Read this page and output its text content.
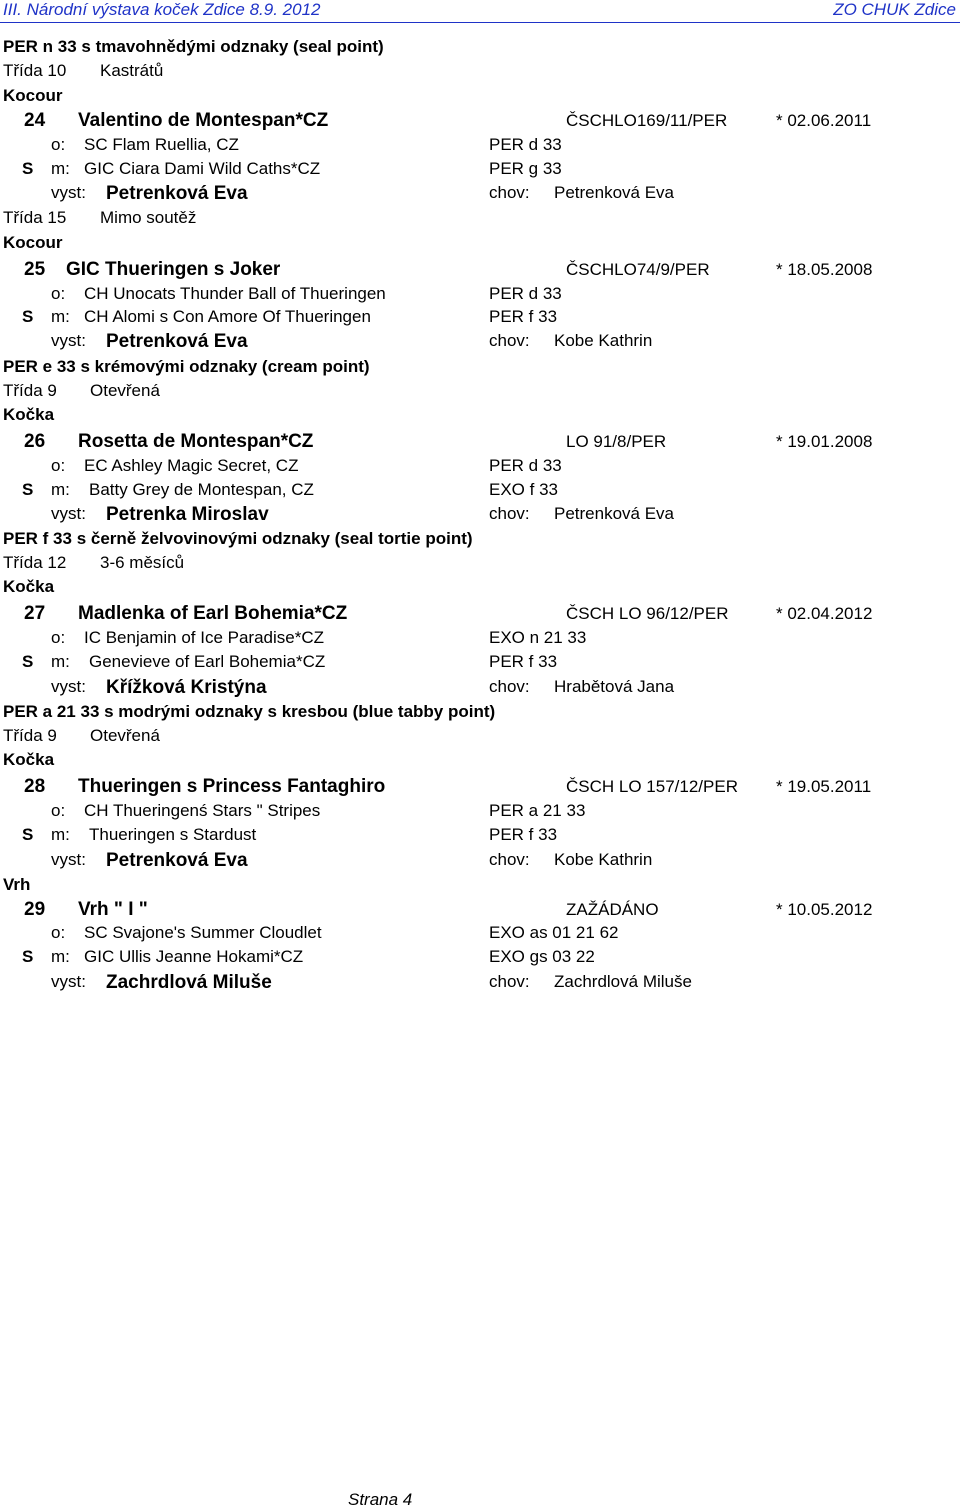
III. Národní výstava koček Zdice 8.9. 2012	ZO CHUK Zdice
PER n 33 s tmavohnědými odznaky (seal point)
Třída 10 Kastrátů
Kocour
24 Valentino de Montespan*CZ	ČSCHLO169/11/PER	* 02.06.2011
o: SC Flam Ruellia, CZ	PER d 33
S m: GIC Ciara Dami Wild Caths*CZ	PER g 33
vyst: Petrenková Eva	chov: Petrenková Eva
Třída 15 Mimo soutěž
Kocour
25 GIC Thueringen s Joker	ČSCHLO74/9/PER	* 18.05.2008
o: CH Unocats Thunder Ball of Thueringen	PER d 33
S m: CH Alomi s Con Amore Of Thueringen	PER f 33
vyst: Petrenková Eva	chov: Kobe Kathrin
PER e 33 s krémovými odznaky (cream point)
Třída 9 Otevřená
Kočka
26 Rosetta de Montespan*CZ	LO 91/8/PER	* 19.01.2008
o: EC Ashley Magic Secret, CZ	PER d 33
S m: Batty Grey de Montespan, CZ	EXO f 33
vyst: Petrenka Miroslav	chov: Petrenková Eva
PER f 33 s černě želvovinovými odznaky (seal tortie point)
Třída 12 3-6 měsíců
Kočka
27 Madlenka of Earl Bohemia*CZ	ČSCH LO 96/12/PER	* 02.04.2012
o: IC Benjamin of Ice Paradise*CZ	EXO n 21 33
S m: Genevieve of Earl Bohemia*CZ	PER f 33
vyst: Křížková Kristýna	chov: Hrabětová Jana
PER a 21 33 s modrými odznaky s kresbou (blue tabby point)
Třída 9 Otevřená
Kočka
28 Thueringen s Princess Fantaghiro	ČSCH LO 157/12/PER * 19.05.2011
o: CH Thueringenś Stars " Stripes	PER a 21 33
S m: Thueringen s Stardust	PER f 33
vyst: Petrenková Eva	chov: Kobe Kathrin
Vrh
29 Vrh " I "	ZAŽÁDÁNO	* 10.05.2012
o: SC Svajone's Summer Cloudlet	EXO as 01 21 62
S m: GIC Ullis Jeanne Hokami*CZ	EXO gs 03 22
vyst: Zachrdlová Miluše	chov: Zachrdlová Miluše
Strana 4
